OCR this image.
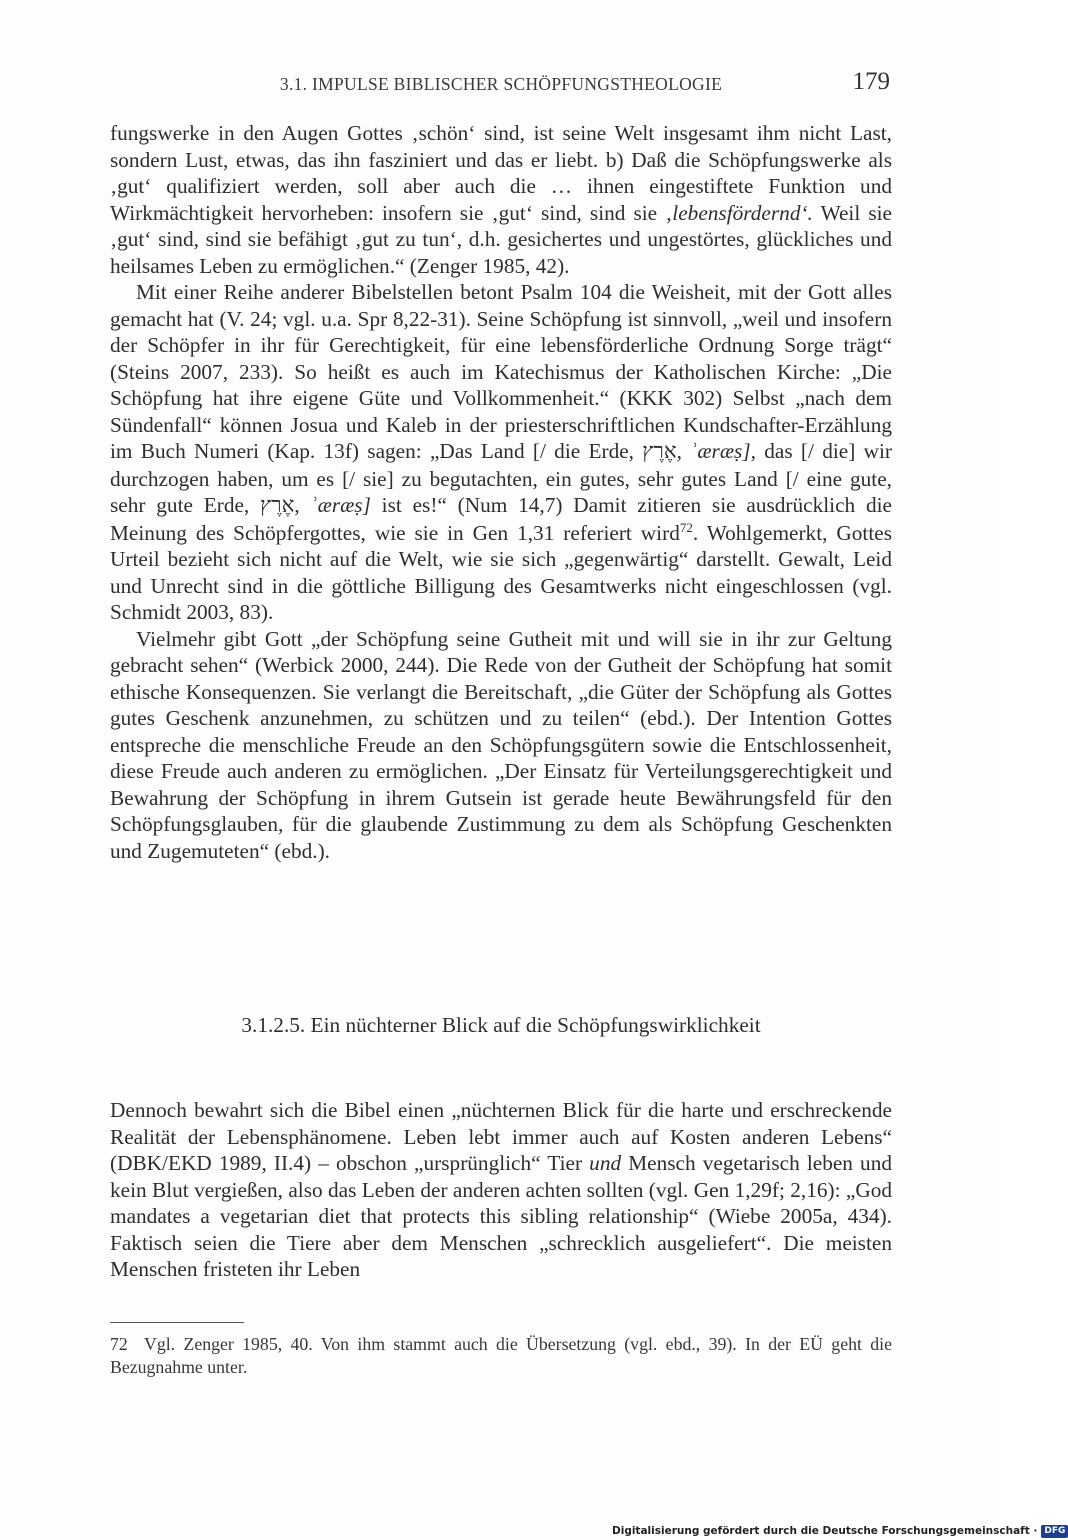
3.1. IMPULSE BIBLISCHER SCHÖPFUNGSTHEOLOGIE	179

fungswerke in den Augen Gottes ‚schön‘ sind, ist seine Welt insgesamt ihm nicht Last, sondern Lust, etwas, das ihn fasziniert und das er liebt. b) Daß die Schöpfungswerke als ‚gut‘ qualifiziert werden, soll aber auch die … ihnen eingestiftete Funktion und Wirkmächtigkeit hervorheben: insofern sie ‚gut‘ sind, sind sie ‚lebensfördernd‘. Weil sie ‚gut‘ sind, sind sie befähigt ‚gut zu tun‘, d.h. gesichertes und ungestörtes, glückliches und heilsames Leben zu ermöglichen.“ (Zenger 1985, 42).

Mit einer Reihe anderer Bibelstellen betont Psalm 104 die Weisheit, mit der Gott alles gemacht hat (V. 24; vgl. u.a. Spr 8,22-31). Seine Schöpfung ist sinnvoll, „weil und insofern der Schöpfer in ihr für Gerechtigkeit, für eine lebensförderliche Ordnung Sorge trägt“ (Steins 2007, 233). So heißt es auch im Katechismus der Katholischen Kirche: „Die Schöpfung hat ihre eigene Güte und Vollkommenheit.“ (KKK 302) Selbst „nach dem Sündenfall“ können Josua und Kaleb in der priesterschriftlichen Kundschafter-Erzählung im Buch Numeri (Kap. 13f) sagen: „Das Land [/ die Erde, אֶרֶץ, ʾæræṣ], das [/ die] wir durchzogen haben, um es [/ sie] zu begutachten, ein gutes, sehr gutes Land [/ eine gute, sehr gute Erde, אֶרֶץ, ʾæræṣ] ist es!“ (Num 14,7) Damit zitieren sie ausdrücklich die Meinung des Schöpfergottes, wie sie in Gen 1,31 referiert wird$^{72}$. Wohlgemerkt, Gottes Urteil bezieht sich nicht auf die Welt, wie sie sich „gegenwärtig“ darstellt. Gewalt, Leid und Unrecht sind in die göttliche Billigung des Gesamtwerks nicht eingeschlossen (vgl. Schmidt 2003, 83).

Vielmehr gibt Gott „der Schöpfung seine Gutheit mit und will sie in ihr zur Geltung gebracht sehen“ (Werbick 2000, 244). Die Rede von der Gutheit der Schöpfung hat somit ethische Konsequenzen. Sie verlangt die Bereitschaft, „die Güter der Schöpfung als Gottes gutes Geschenk anzunehmen, zu schützen und zu teilen“ (ebd.). Der Intention Gottes entspreche die menschliche Freude an den Schöpfungsgütern sowie die Entschlossenheit, diese Freude auch anderen zu ermöglichen. „Der Einsatz für Verteilungsgerechtigkeit und Bewahrung der Schöpfung in ihrem Gutsein ist gerade heute Bewährungsfeld für den Schöpfungsglauben, für die glaubende Zustimmung zu dem als Schöpfung Geschenkten und Zugemuteten“ (ebd.).

3.1.2.5. Ein nüchterner Blick auf die Schöpfungswirklichkeit

Dennoch bewahrt sich die Bibel einen „nüchternen Blick für die harte und erschreckende Realität der Lebensphänomene. Leben lebt immer auch auf Kosten anderen Lebens“ (DBK/EKD 1989, II.4) – obschon „ursprünglich“ Tier und Mensch vegetarisch leben und kein Blut vergießen, also das Leben der anderen achten sollten (vgl. Gen 1,29f; 2,16): „God mandates a vegetarian diet that protects this sibling relationship“ (Wiebe 2005a, 434). Faktisch seien die Tiere aber dem Menschen „schrecklich ausgeliefert“. Die meisten Menschen fristeten ihr Leben

72 Vgl. Zenger 1985, 40. Von ihm stammt auch die Übersetzung (vgl. ebd., 39). In der EÜ geht die Bezugnahme unter.

Digitalisierung gefördert durch die Deutsche Forschungsgemeinschaft · DFG
